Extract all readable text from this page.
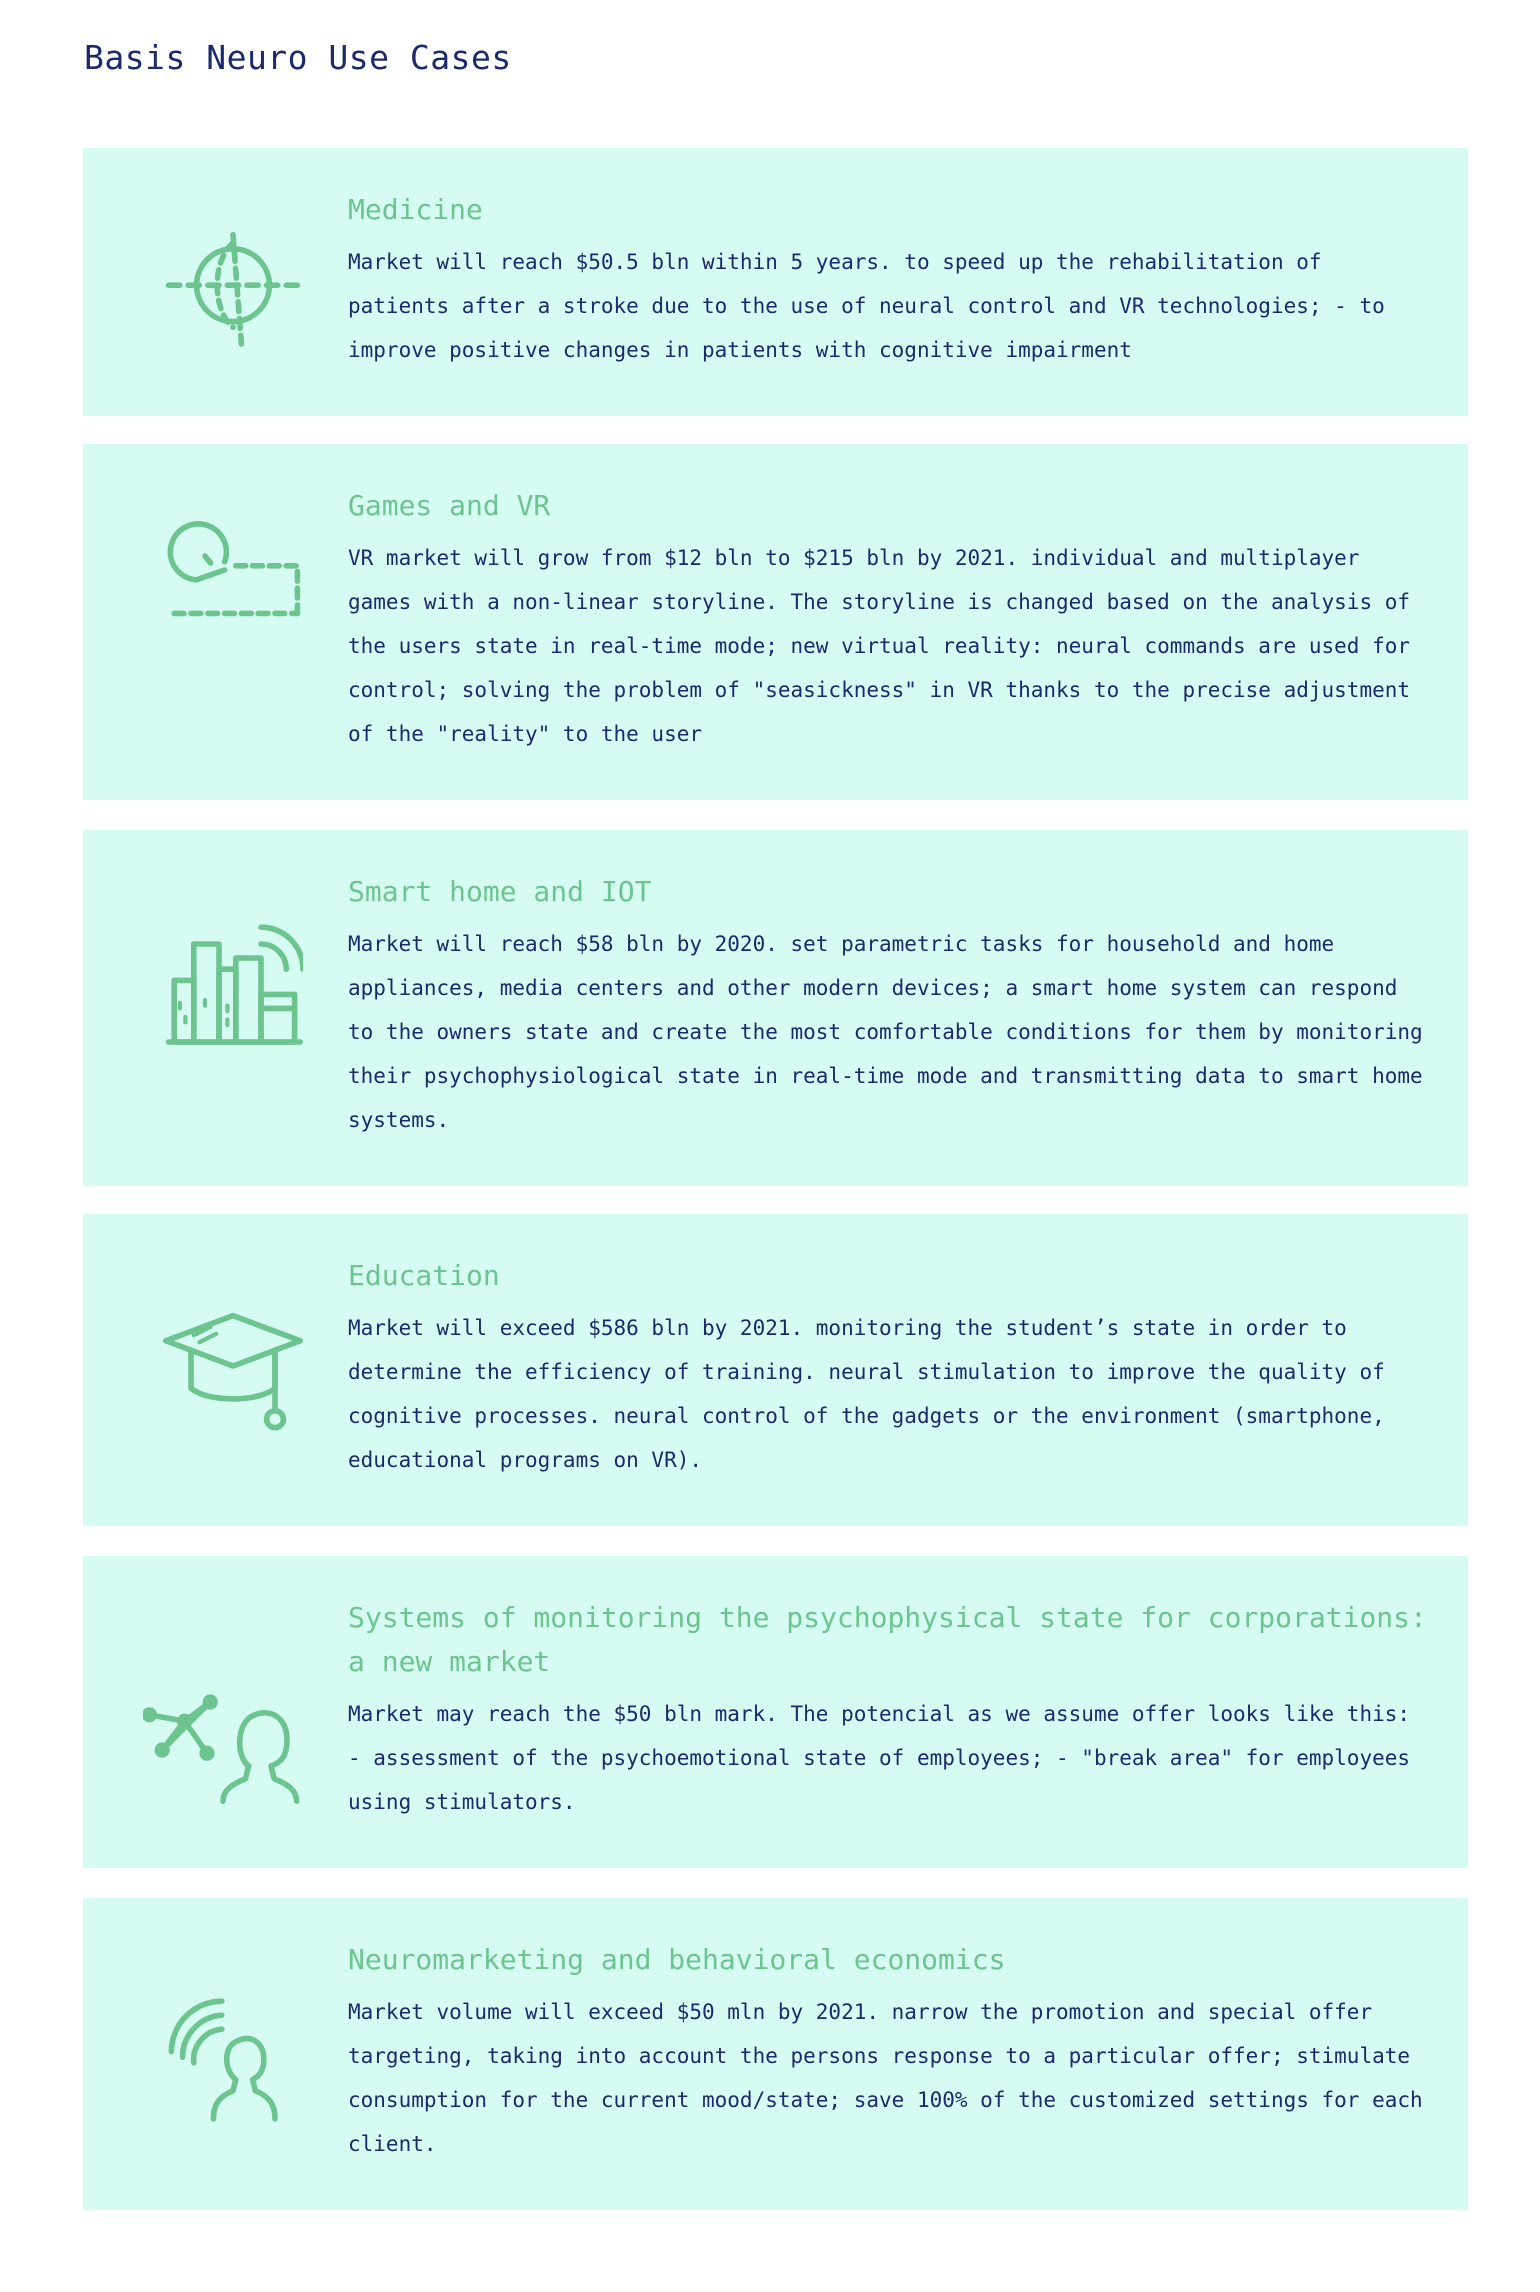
Basis Neuro Use Cases
Medicine

Market will reach $50.5 bln within 5 years. to speed up the rehabilitation of patients after a stroke due to the use of neural control and VR technologies; - to improve positive changes in patients with cognitive impairment

Games and VR

VR market will grow from $12 bln to $215 bln by 2021. individual and multiplayer games with a non-linear storyline. The storyline is changed based on the analysis of the users state in real-time mode; new virtual reality: neural commands are used for control; solving the problem of "seasickness" in VR thanks to the precise adjustment of the "reality" to the user

Smart home and IOT

Market will reach $58 bln by 2020. set parametric tasks for household and home appliances, media centers and other modern devices; a smart home system can respond to the owners state and create the most comfortable conditions for them by monitoring their psychophysiological state in real-time mode and transmitting data to smart home systems.

Education

Market will exceed $586 bln by 2021. monitoring the student’s state in order to determine the efficiency of training. neural stimulation to improve the quality of cognitive processes. neural control of the gadgets or the environment (smartphone, educational programs on VR).

Systems of monitoring the psychophysical state for corporations: a new market

Market may reach the $50 bln mark. The potencial as we assume offer looks like this: - assessment of the psychoemotional state of employees; - "break area" for employees using stimulators.

Neuromarketing and behavioral economics

Market volume will exceed $50 mln by 2021. narrow the promotion and special offer targeting, taking into account the persons response to a particular offer; stimulate consumption for the current mood/state; save 100% of the customized settings for each client.
